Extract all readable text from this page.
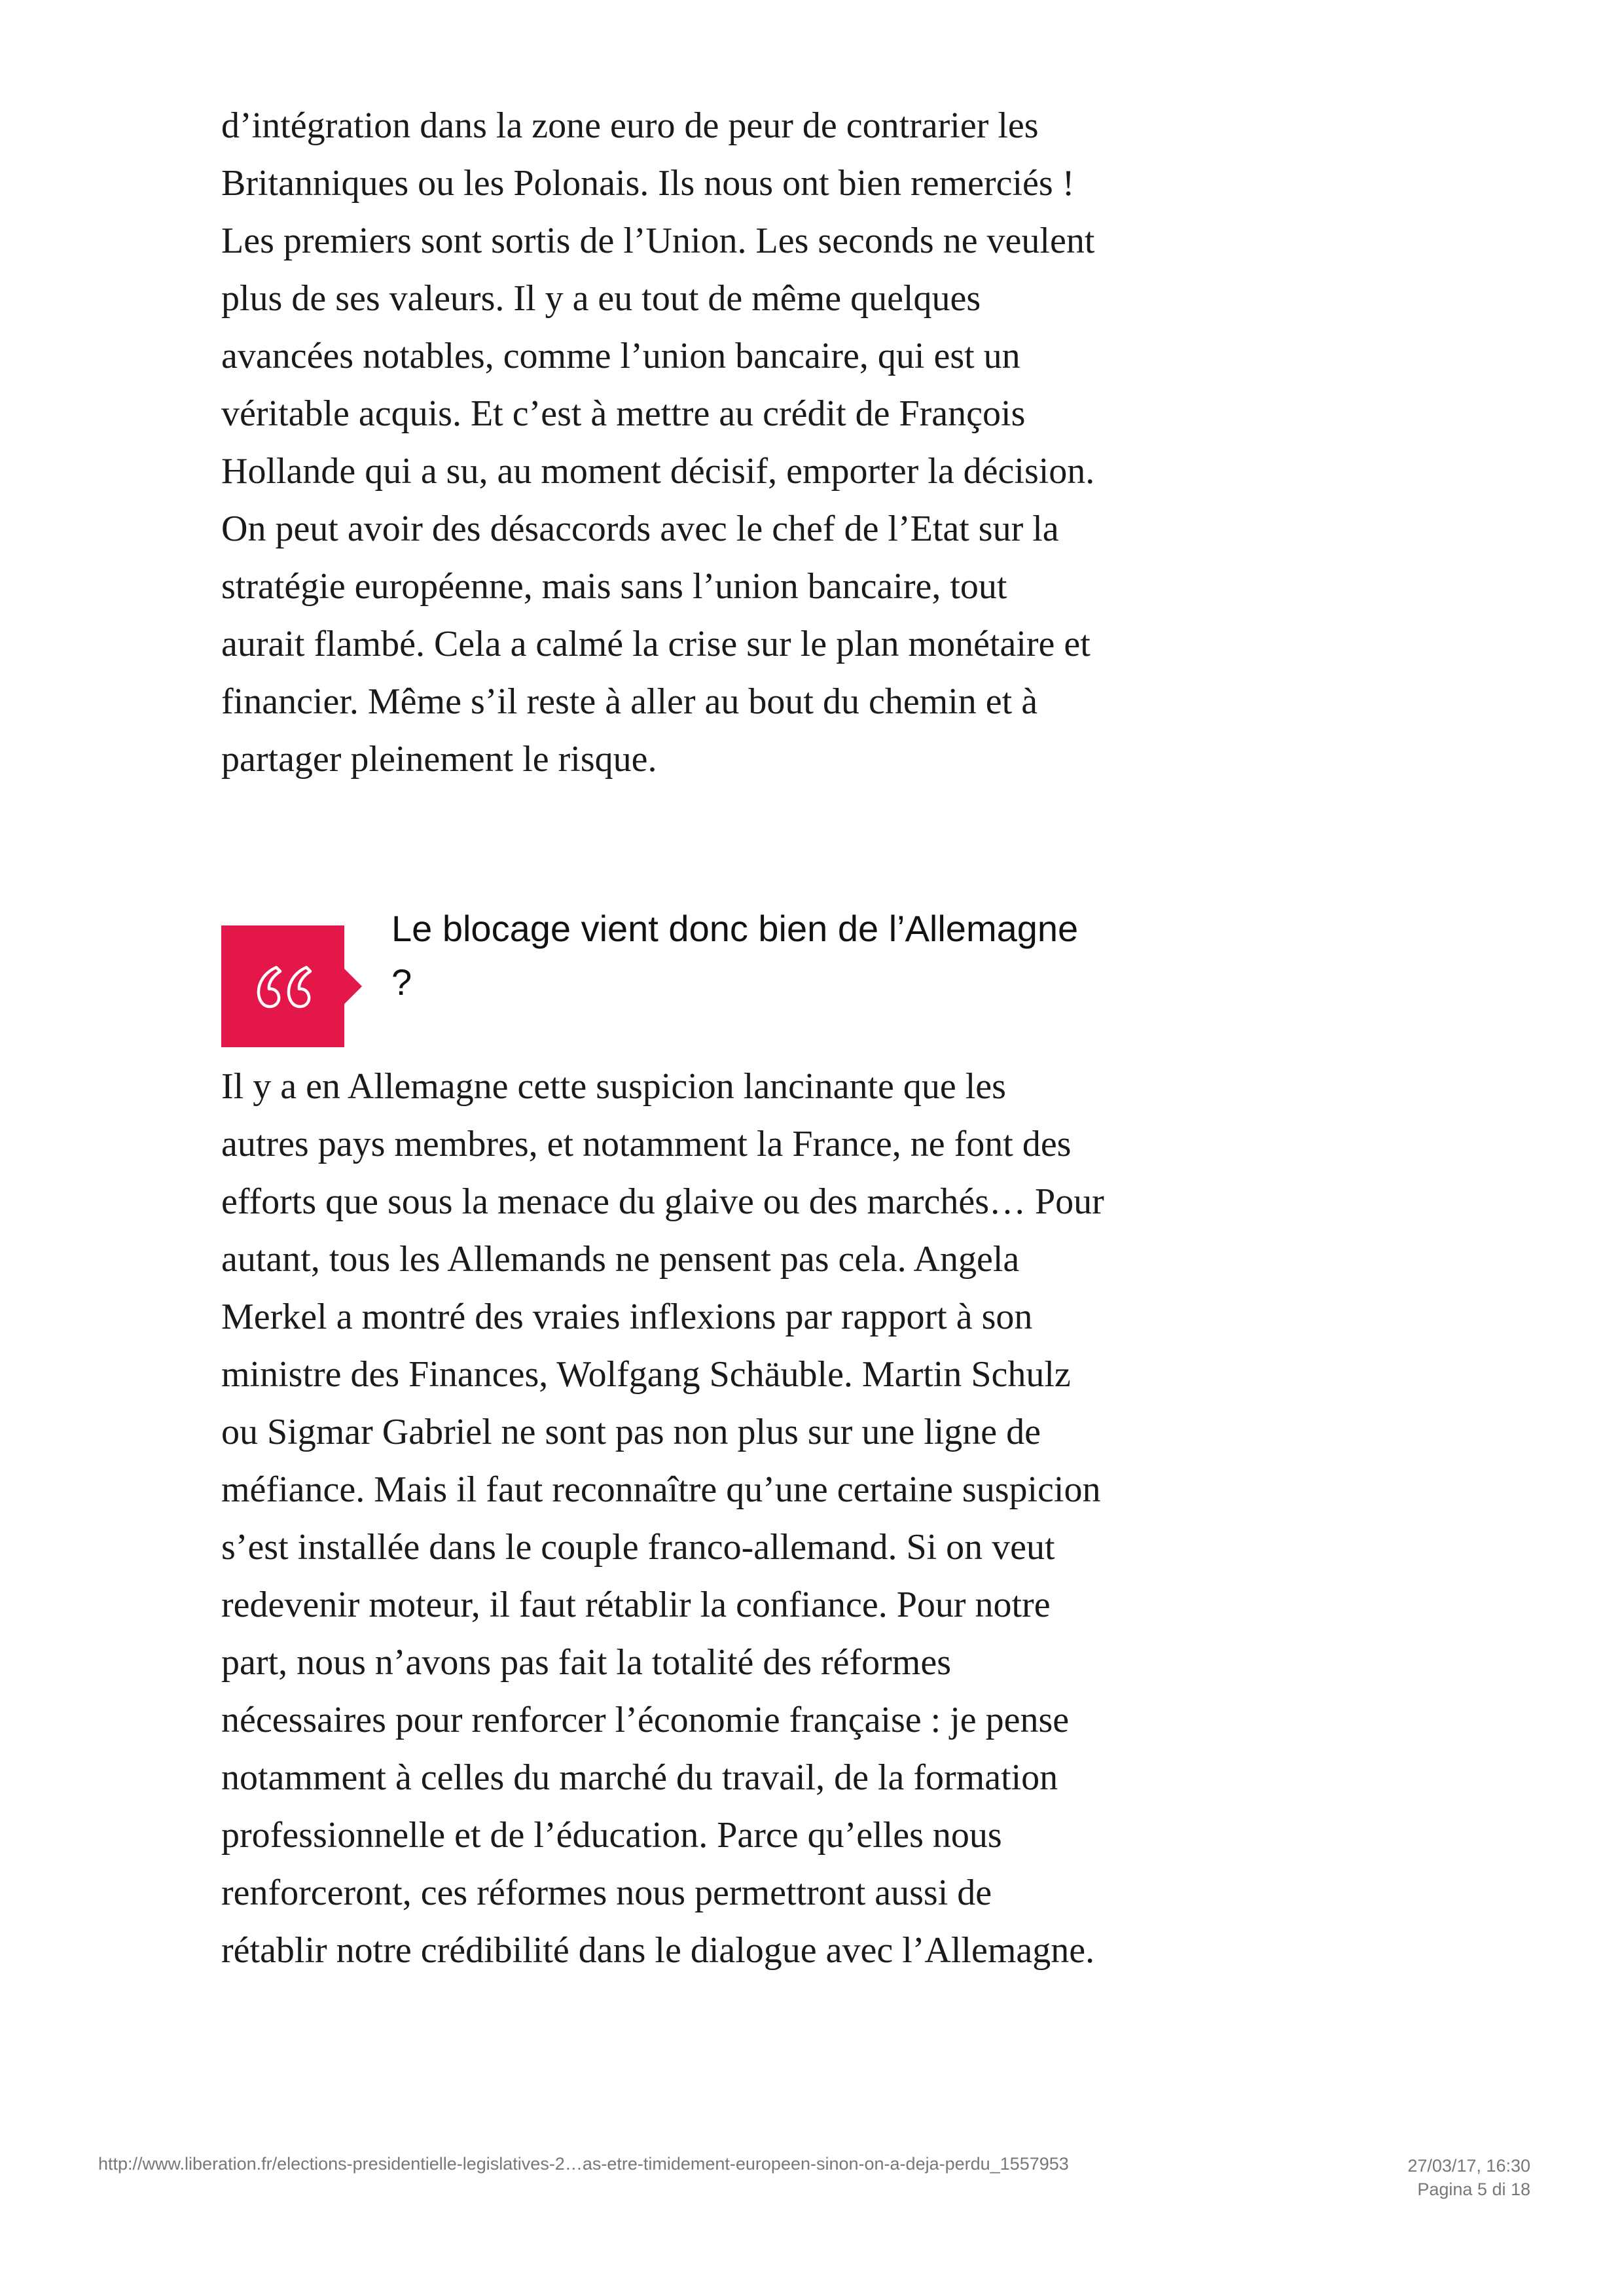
d’intégration dans la zone euro de peur de contrarier les
Britanniques ou les Polonais. Ils nous ont bien remerciés !
Les premiers sont sortis de l’Union. Les seconds ne veulent
plus de ses valeurs. Il y a eu tout de même quelques
avancées notables, comme l’union bancaire, qui est un
véritable acquis. Et c’est à mettre au crédit de François
Hollande qui a su, au moment décisif, emporter la décision.
On peut avoir des désaccords avec le chef de l’Etat sur la
stratégie européenne, mais sans l’union bancaire, tout
aurait flambé. Cela a calmé la crise sur le plan monétaire et
financier. Même s’il reste à aller au bout du chemin et à
partager pleinement le risque.

Le blocage vient donc bien de l’Allemagne
?

Il y a en Allemagne cette suspicion lancinante que les
autres pays membres, et notamment la France, ne font des
efforts que sous la menace du glaive ou des marchés… Pour
autant, tous les Allemands ne pensent pas cela. Angela
Merkel a montré des vraies inflexions par rapport à son
ministre des Finances, Wolfgang Schäuble. Martin Schulz
ou Sigmar Gabriel ne sont pas non plus sur une ligne de
méfiance. Mais il faut reconnaître qu’une certaine suspicion
s’est installée dans le couple franco-allemand. Si on veut
redevenir moteur, il faut rétablir la confiance. Pour notre
part, nous n’avons pas fait la totalité des réformes
nécessaires pour renforcer l’économie française : je pense
notamment à celles du marché du travail, de la formation
professionnelle et de l’éducation. Parce qu’elles nous
renforceront, ces réformes nous permettront aussi de
rétablir notre crédibilité dans le dialogue avec l’Allemagne.

http://www.liberation.fr/elections-presidentielle-legislatives-2…as-etre-timidement-europeen-sinon-on-a-deja-perdu_1557953	27/03/17, 16:30
Pagina 5 di 18
